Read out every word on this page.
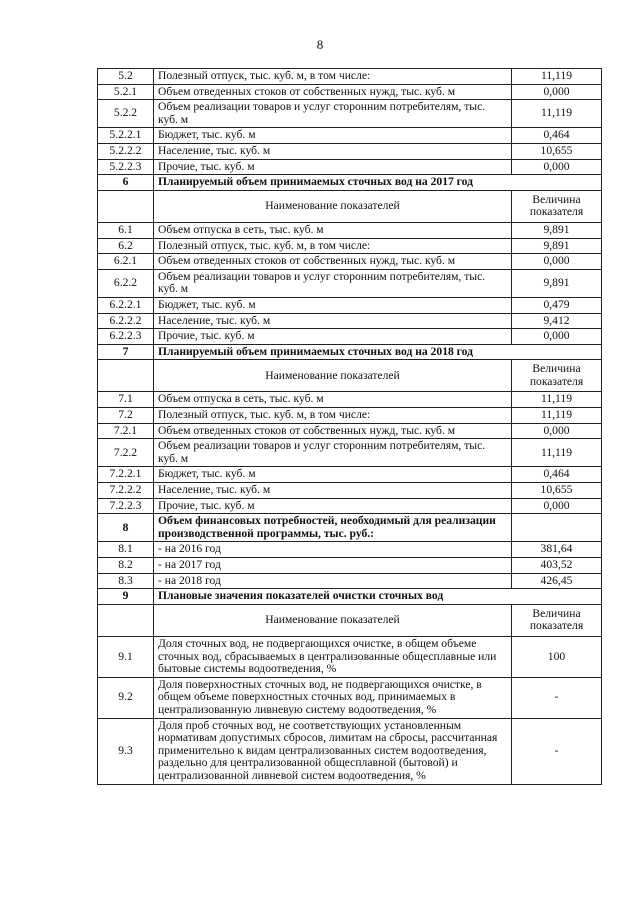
8
5.2	Полезный отпуск, тыс. куб. м, в том числе:	11,119
5.2.1	Объем отведенных стоков от собственных нужд, тыс. куб. м	0,000
5.2.2	Объем реализации товаров и услуг сторонним потребителям, тыс. куб. м	11,119
5.2.2.1	Бюджет, тыс. куб. м	0,464
5.2.2.2	Население, тыс. куб. м	10,655
5.2.2.3	Прочие, тыс. куб. м	0,000
6	Планируемый объем принимаемых сточных вод на 2017 год	
	Наименование показателей	Величина показателя
6.1	Объем отпуска в сеть, тыс. куб. м	9,891
6.2	Полезный отпуск, тыс. куб. м, в том числе:	9,891
6.2.1	Объем отведенных стоков от собственных нужд, тыс. куб. м	0,000
6.2.2	Объем реализации товаров и услуг сторонним потребителям, тыс. куб. м	9,891
6.2.2.1	Бюджет, тыс. куб. м	0,479
6.2.2.2	Население, тыс. куб. м	9,412
6.2.2.3	Прочие, тыс. куб. м	0,000
7	Планируемый объем принимаемых сточных вод на 2018 год	
	Наименование показателей	Величина показателя
7.1	Объем отпуска в сеть, тыс. куб. м	11,119
7.2	Полезный отпуск, тыс. куб. м, в том числе:	11,119
7.2.1	Объем отведенных стоков от собственных нужд, тыс. куб. м	0,000
7.2.2	Объем реализации товаров и услуг сторонним потребителям, тыс. куб. м	11,119
7.2.2.1	Бюджет, тыс. куб. м	0,464
7.2.2.2	Население, тыс. куб. м	10,655
7.2.2.3	Прочие, тыс. куб. м	0,000
8	Объем финансовых потребностей, необходимый для реализации производственной программы, тыс. руб.:	
8.1	- на 2016 год	381,64
8.2	- на 2017 год	403,52
8.3	- на 2018 год	426,45
9	Плановые значения показателей очистки сточных вод	
	Наименование показателей	Величина показателя
9.1	Доля сточных вод, не подвергающихся очистке, в общем объеме сточных вод, сбрасываемых в централизованные общесплавные или бытовые системы водоотведения, %	100
9.2	Доля поверхностных сточных вод, не подвергающихся очистке, в общем объеме поверхностных сточных вод, принимаемых в централизованную ливневую систему водоотведения, %	-
9.3	Доля проб сточных вод, не соответствующих установленным нормативам допустимых сбросов, лимитам на сбросы, рассчитанная применительно к видам централизованных систем водоотведения, раздельно для централизованной общесплавной (бытовой) и централизованной ливневой систем водоотведения, %	-
